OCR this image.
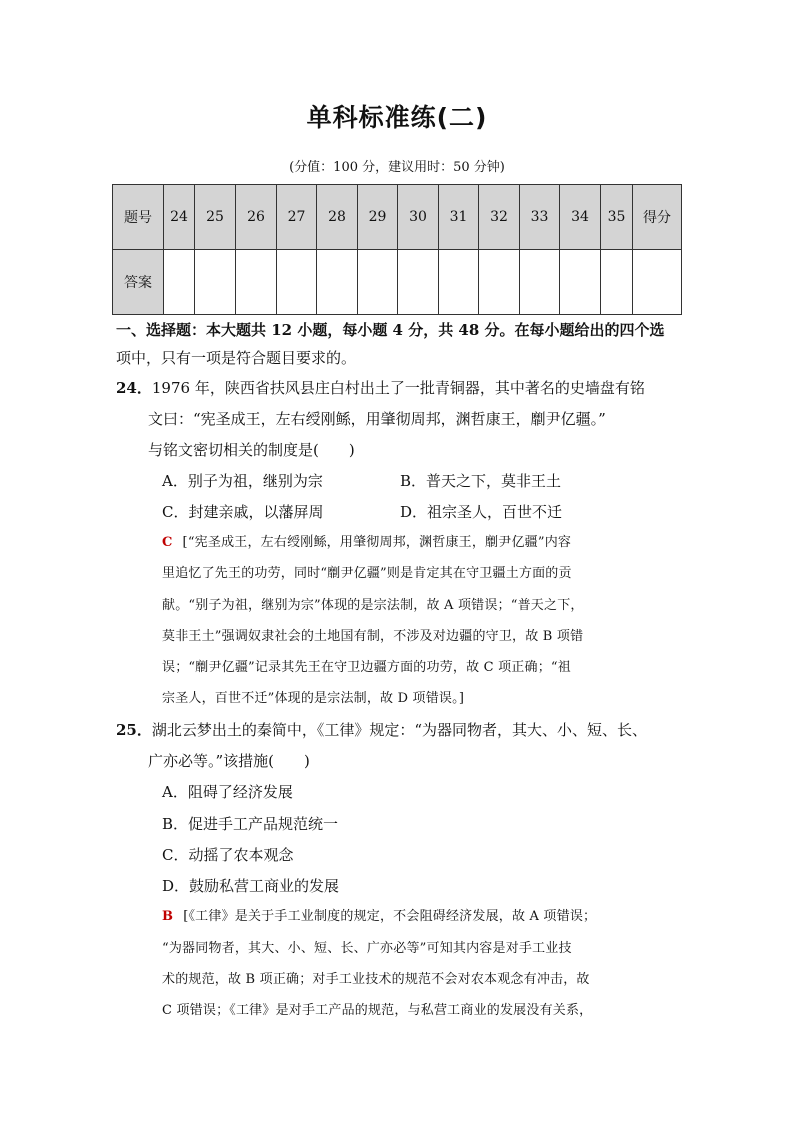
单科标准练(二)
(分值：100 分，建议用时：50 分钟)
题号	24	25	26	27	28	29	30	31	32	33	34	35	得分
答案													
一、选择题：本大题共 12 小题，每小题 4 分，共 48 分。在每小题给出的四个选
项中，只有一项是符合题目要求的。
24．1976 年，陕西省扶风县庄白村出土了一批青铜器，其中著名的史墙盘有铭
文曰：“宪圣成王，左右绶刚鲧，用肇彻周邦，渊哲康王，劘尹亿疆。”
与铭文密切相关的制度是(　　)
A．别子为祖，继别为宗	B．普天之下，莫非王土
C．封建亲戚，以藩屏周	D．祖宗圣人，百世不迁
C [“宪圣成王，左右绶刚鲧，用肇彻周邦，渊哲康王，劘尹亿疆”内容
里追忆了先王的功劳，同时“劘尹亿疆”则是肯定其在守卫疆土方面的贡
献。“别子为祖，继别为宗”体现的是宗法制，故 A 项错误；“普天之下，
莫非王土”强调奴隶社会的土地国有制，不涉及对边疆的守卫，故 B 项错
误；“劘尹亿疆”记录其先王在守卫边疆方面的功劳，故 C 项正确；“祖
宗圣人，百世不迁”体现的是宗法制，故 D 项错误。]
25．湖北云梦出土的秦简中，《工律》规定：“为器同物者，其大、小、短、长、
广亦必等。”该措施(　　)
A．阻碍了经济发展
B．促进手工产品规范统一
C．动摇了农本观念
D．鼓励私营工商业的发展
B [《工律》是关于手工业制度的规定，不会阻碍经济发展，故 A 项错误；
“为器同物者，其大、小、短、长、广亦必等”可知其内容是对手工业技
术的规范，故 B 项正确；对手工业技术的规范不会对农本观念有冲击，故
C 项错误；《工律》是对手工产品的规范，与私营工商业的发展没有关系，
